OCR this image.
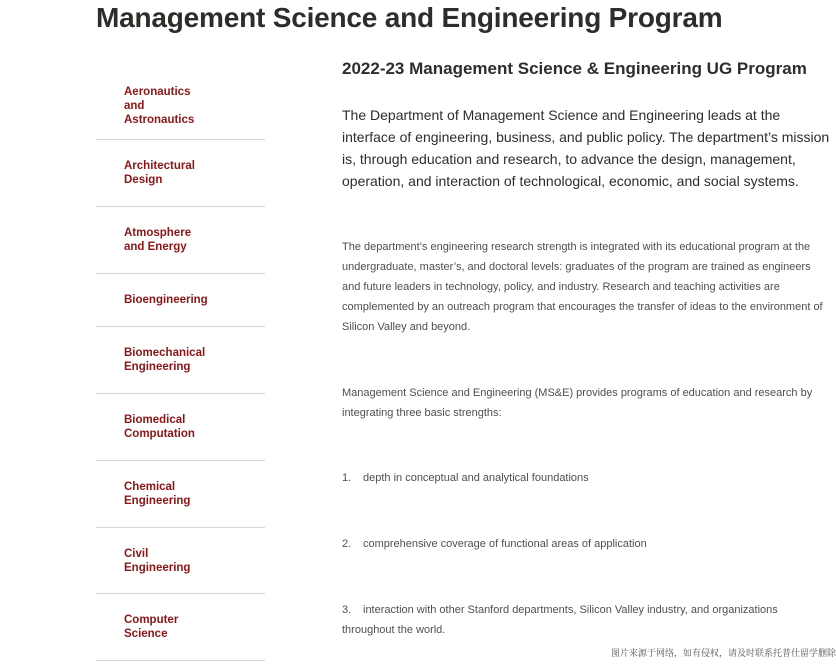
Management Science and Engineering Program
Aeronautics
and
Astronautics
Architectural
Design
Atmosphere
and Energy
Bioengineering
Biomechanical
Engineering
Biomedical
Computation
Chemical
Engineering
Civil
Engineering
Computer
Science
2022-23 Management Science & Engineering UG Program

The Department of Management Science and Engineering leads at the interface of engineering, business, and public policy. The department’s mission is, through education and research, to advance the design, management, operation, and interaction of technological, economic, and social systems.

The department’s engineering research strength is integrated with its educational program at the undergraduate, master’s, and doctoral levels: graduates of the program are trained as engineers and future leaders in technology, policy, and industry. Research and teaching activities are complemented by an outreach program that encourages the transfer of ideas to the environment of Silicon Valley and beyond.

Management Science and Engineering (MS&E) provides programs of education and research by integrating three basic strengths:

1. depth in conceptual and analytical foundations

2. comprehensive coverage of functional areas of application

3. interaction with other Stanford departments, Silicon Valley industry, and organizations throughout the world.

图片来源于网络，如有侵权，请及时联系托普仕留学删除
